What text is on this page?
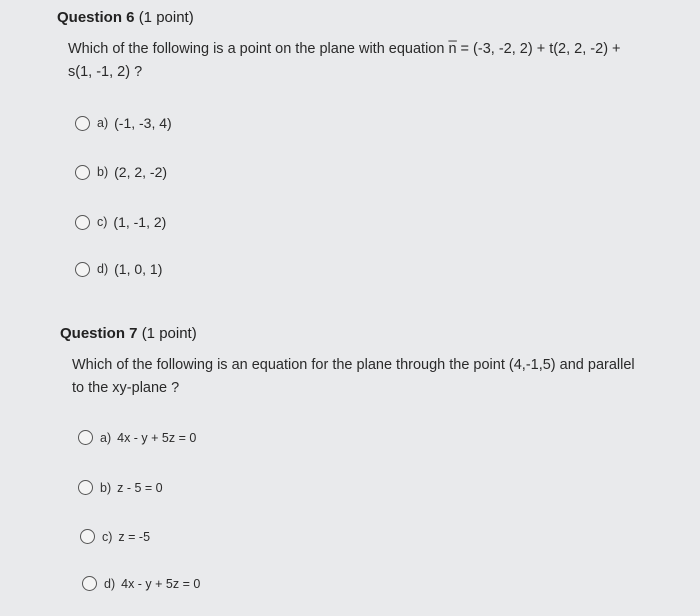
Question 6 (1 point)
Which of the following is a point on the plane with equation n̅ = (-3, -2, 2) + t(2, 2, -2) + s(1, -1, 2) ?
a) (-1, -3, 4)
b) (2, 2, -2)
c) (1, -1, 2)
d) (1, 0, 1)
Question 7 (1 point)
Which of the following is an equation for the plane through the point (4,-1,5) and parallel to the xy-plane ?
a) 4x - y + 5z = 0
b) z - 5 = 0
c) z = -5
d) 4x - y + 5z = 0
